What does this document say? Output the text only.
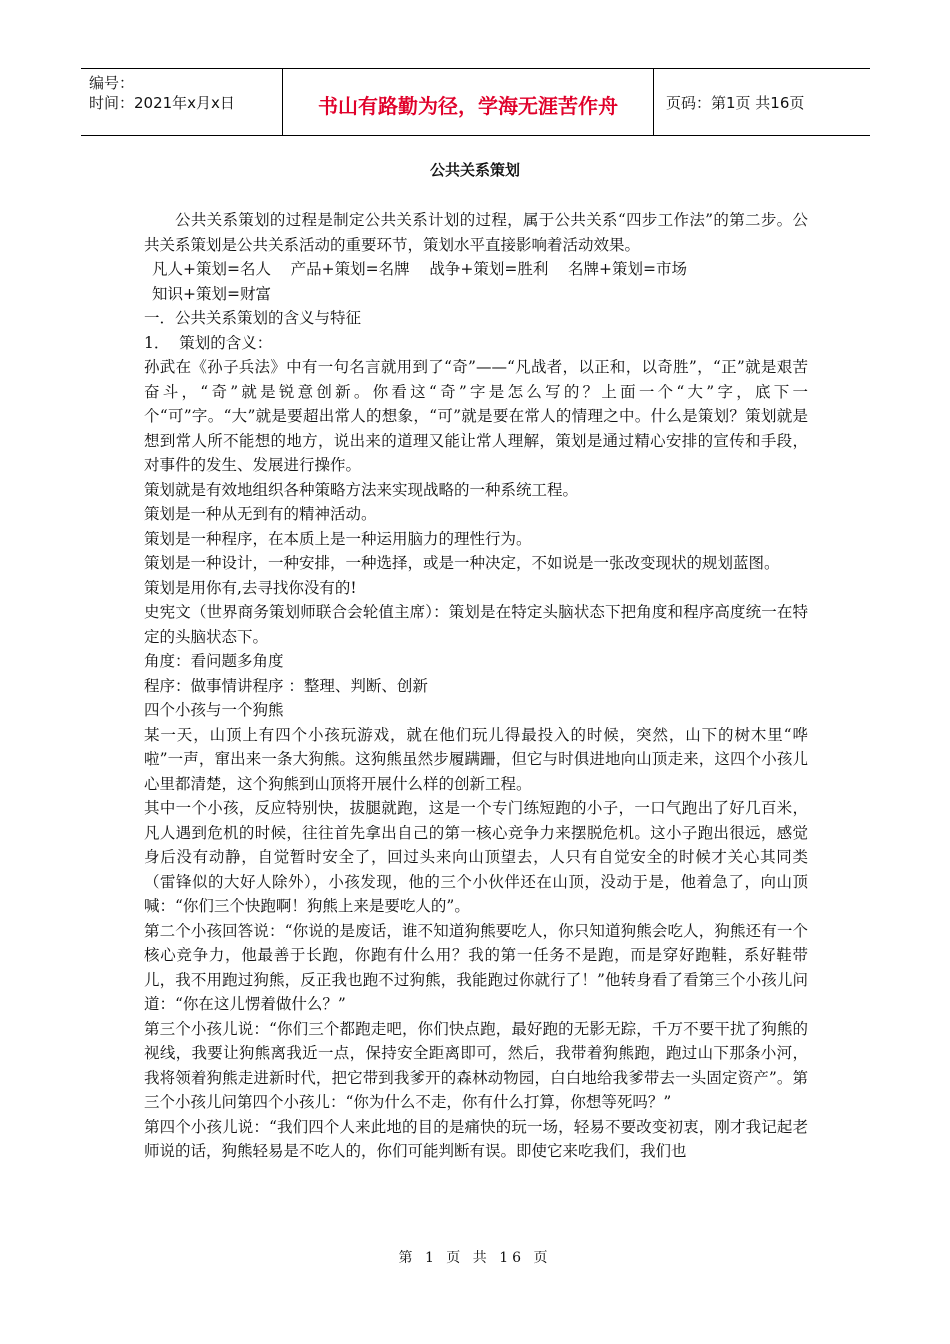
编号：
时间：2021年x月x日	书山有路勤为径，学海无涯苦作舟	页码：第1页 共16页
公共关系策划

公共关系策划的过程是制定公共关系计划的过程，属于公共关系“四步工作法”的第二步。公共关系策划是公共关系活动的重要环节，策划水平直接影响着活动效果。

凡人+策划=名人    产品+策划=名牌    战争+策划=胜利    名牌+策划=市场

知识+策划=财富

一．公共关系策划的含义与特征

1．  策划的含义：

孙武在《孙子兵法》中有一句名言就用到了“奇”——“凡战者，以正和，以奇胜”，“正”就是艰苦奋斗，“奇”就是锐意创新。你看这“奇”字是怎么写的？上面一个“大”字，底下一个“可”字。“大”就是要超出常人的想象，“可”就是要在常人的情理之中。什么是策划？策划就是想到常人所不能想的地方，说出来的道理又能让常人理解，策划是通过精心安排的宣传和手段，对事件的发生、发展进行操作。

策划就是有效地组织各种策略方法来实现战略的一种系统工程。

策划是一种从无到有的精神活动。

策划是一种程序，在本质上是一种运用脑力的理性行为。

策划是一种设计，一种安排，一种选择，或是一种决定，不如说是一张改变现状的规划蓝图。

策划是用你有,去寻找你没有的!

史宪文（世界商务策划师联合会轮值主席）：策划是在特定头脑状态下把角度和程序高度统一在特定的头脑状态下。

角度：看问题多角度

程序：做事情讲程序 ：整理、判断、创新

四个小孩与一个狗熊

某一天，山顶上有四个小孩玩游戏，就在他们玩儿得最投入的时候，突然，山下的树木里“哗啦”一声，窜出来一条大狗熊。这狗熊虽然步履蹒跚，但它与时俱进地向山顶走来，这四个小孩儿心里都清楚，这个狗熊到山顶将开展什么样的创新工程。

其中一个小孩，反应特别快，拔腿就跑，这是一个专门练短跑的小子，一口气跑出了好几百米，凡人遇到危机的时候，往往首先拿出自己的第一核心竞争力来摆脱危机。这小子跑出很远，感觉身后没有动静，自觉暂时安全了，回过头来向山顶望去，人只有自觉安全的时候才关心其同类（雷锋似的大好人除外），小孩发现，他的三个小伙伴还在山顶，没动于是，他着急了，向山顶喊：“你们三个快跑啊！狗熊上来是要吃人的”。

第二个小孩回答说：“你说的是废话，谁不知道狗熊要吃人，你只知道狗熊会吃人，狗熊还有一个核心竞争力，他最善于长跑，你跑有什么用？我的第一任务不是跑，而是穿好跑鞋，系好鞋带儿，我不用跑过狗熊，反正我也跑不过狗熊，我能跑过你就行了！”他转身看了看第三个小孩儿问道：“你在这儿愣着做什么？”

第三个小孩儿说：“你们三个都跑走吧，你们快点跑，最好跑的无影无踪，千万不要干扰了狗熊的视线，我要让狗熊离我近一点，保持安全距离即可，然后，我带着狗熊跑，跑过山下那条小河，我将领着狗熊走进新时代，把它带到我爹开的森林动物园，白白地给我爹带去一头固定资产”。第三个小孩儿问第四个小孩儿：“你为什么不走，你有什么打算，你想等死吗？”

第四个小孩儿说：“我们四个人来此地的目的是痛快的玩一场，轻易不要改变初衷，刚才我记起老师说的话，狗熊轻易是不吃人的，你们可能判断有误。即使它来吃我们，我们也

第 1 页 共 16 页
